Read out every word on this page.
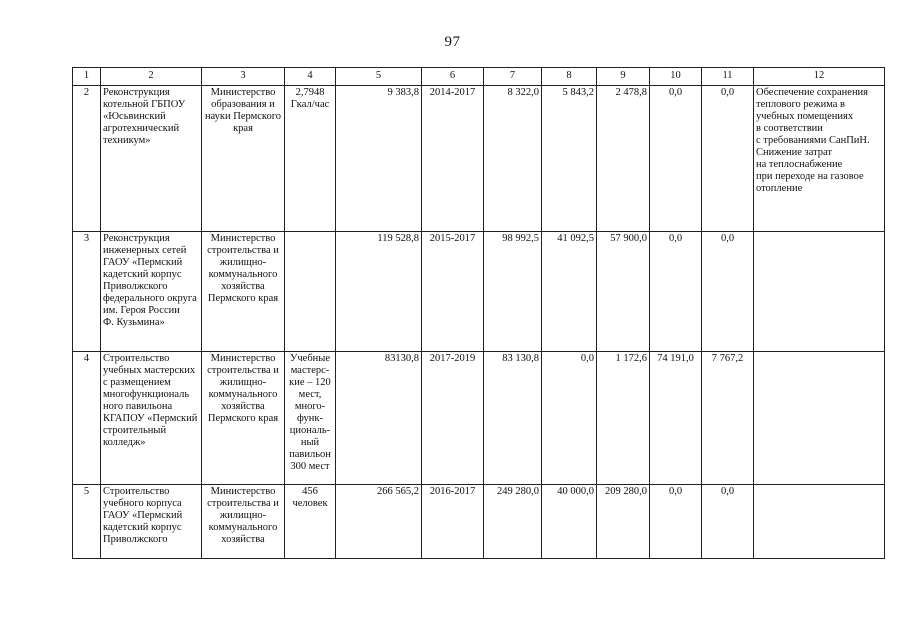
97
1	2	3	4	5	6	7	8	9	10	11	12
2	Реконструкция котельной ГБПОУ «Юсьвинский агротехнический техникум»	Министерство образования и науки Пермского края	2,7948 Гкал/час	9 383,8	2014-2017	8 322,0	5 843,2	2 478,8	0,0	0,0	Обеспечение сохранения теплового режима в учебных помещениях
в соответствии
с требованиями СанПиН. Снижение затрат
на теплоснабжение
при переходе на газовое отопление
3	Реконструкция инженерных сетей ГАОУ «Пермский кадетский корпус Приволжского федерального округа им. Героя России
Ф. Кузьмина»	Министерство строительства и жилищно-коммунального хозяйства Пермского края		119 528,8	2015-2017	98 992,5	41 092,5	57 900,0	0,0	0,0	
4	Строительство учебных мастерских
с размещением многофункциональ ного павильона КГАПОУ «Пермский строительный колледж»	Министерство строительства и жилищно-коммунального хозяйства Пермского края	Учебные мастерс-кие – 120 мест, много-функ-циональ-ный павильон 300 мест	83130,8	2017-2019	83 130,8	0,0	1 172,6	74 191,0	7 767,2	
5	Строительство учебного корпуса ГАОУ «Пермский кадетский корпус Приволжского	Министерство строительства и жилищно-коммунального хозяйства	456 человек	266 565,2	2016-2017	249 280,0	40 000,0	209 280,0	0,0	0,0	
